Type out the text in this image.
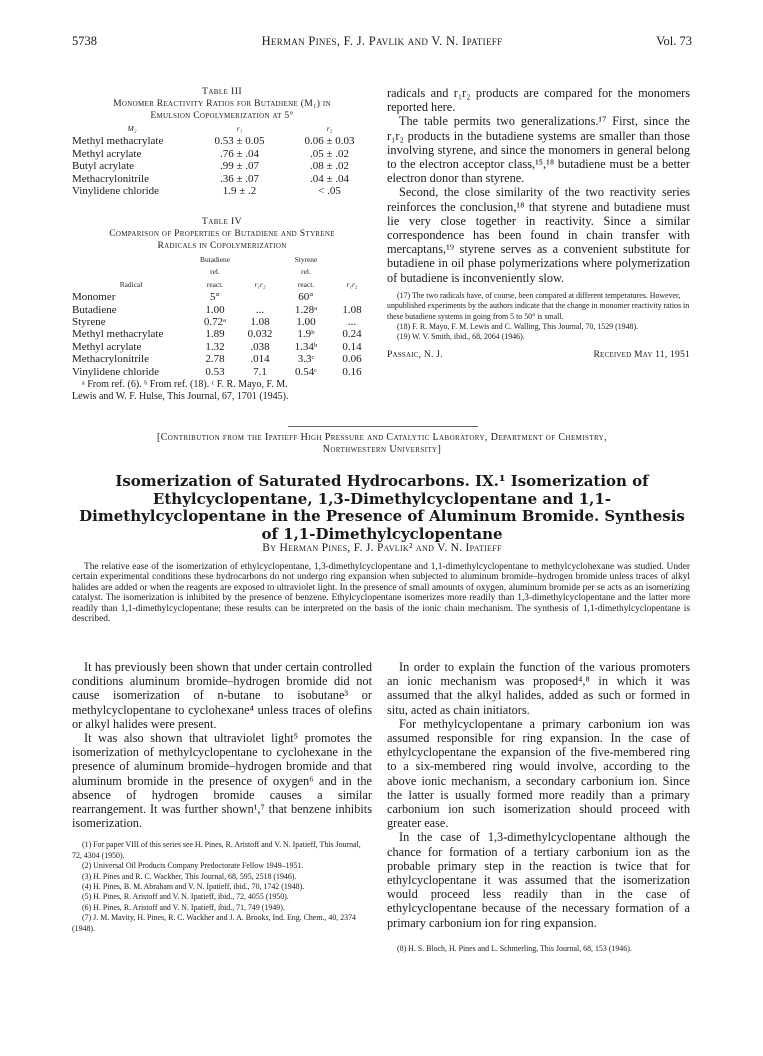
5738	Herman Pines, F. J. Pavlik and V. N. Ipatieff	Vol. 73
Table III
Monomer Reactivity Ratios for Butadiene (M₁) in
Emulsion Copolymerization at 5°
M₂	r₁	r₂
Methyl methacrylate	0.53 ± 0.05	0.06 ± 0.03
Methyl acrylate	.76 ± .04	.05 ± .02
Butyl acrylate	.99 ± .07	.08 ± .02
Methacrylonitrile	.36 ± .07	.04 ± .04
Vinylidene chloride	1.9 ± .2	< .05
Table IV
Comparison of Properties of Butadiene and Styrene
Radicals in Copolymerization
	Butadiene		Styrene	
	rel.		rel.	
Radical	react.	r₁r₂	react.	r₁r₂
Monomer	5°		60°	
Butadiene	1.00	...	1.28ᵃ	1.08
Styrene	0.72ᵃ	1.08	1.00	...
Methyl methacrylate	1.89	0.032	1.9ᵇ	0.24
Methyl acrylate	1.32	.038	1.34ᵇ	0.14
Methacrylonitrile	2.78	.014	3.3ᶜ	0.06
Vinylidene chloride	0.53	7.1	0.54ᶜ	0.16
ᵃ From ref. (6). ᵇ From ref. (18). ᶜ F. R. Mayo, F. M.
Lewis and W. F. Hulse, This Journal, 67, 1701 (1945).

radicals and r₁r₂ products are compared for the monomers reported here.

The table permits two generalizations.¹⁷ First, since the r₁r₂ products in the butadiene systems are smaller than those involving styrene, and since the monomers in general belong to the electron acceptor class,¹⁵,¹⁸ butadiene must be a better electron donor than styrene.

Second, the close similarity of the two reactivity series reinforces the conclusion,¹⁸ that styrene and butadiene must lie very close together in reactivity. Since a similar correspondence has been found in chain transfer with mercaptans,¹⁹ styrene serves as a convenient substitute for butadiene in oil phase polymerizations where polymerization of butadiene is inconveniently slow.

(17) The two radicals have, of course, been compared at different temperatures. However, unpublished experiments by the authors indicate that the change in monomer reactivity ratios in these butadiene systems in going from 5 to 50° is small.

(18) F. R. Mayo, F. M. Lewis and C. Walling, This Journal, 70, 1529 (1948).

(19) W. V. Smith, ibid., 68, 2064 (1946).

Passaic, N. J.	Received May 11, 1951
[Contribution from the Ipatieff High Pressure and Catalytic Laboratory, Department of Chemistry,
Northwestern University]
Isomerization of Saturated Hydrocarbons. IX.¹ Isomerization of Ethylcyclopentane, 1,3-Dimethylcyclopentane and 1,1-Dimethylcyclopentane in the Presence of Aluminum Bromide. Synthesis of 1,1-Dimethylcyclopentane
By Herman Pines, F. J. Pavlik² and V. N. Ipatieff
The relative ease of the isomerization of ethylcyclopentane, 1,3-dimethylcyclopentane and 1,1-dimethylcyclopentane to methylcyclohexane was studied. Under certain experimental conditions these hydrocarbons do not undergo ring expansion when subjected to aluminum bromide–hydrogen bromide unless traces of alkyl halides are added or when the reagents are exposed to ultraviolet light. In the presence of small amounts of oxygen, aluminum bromide per se acts as an isomerizing catalyst. The isomerization is inhibited by the presence of benzene. Ethylcyclopentane isomerizes more readily than 1,3-dimethylcyclopentane and the latter more readily than 1,1-dimethylcyclopentane; these results can be interpreted on the basis of the ionic chain mechanism. The synthesis of 1,1-dimethylcyclopentane is described.

It has previously been shown that under certain controlled conditions aluminum bromide–hydrogen bromide did not cause isomerization of n-butane to isobutane³ or methylcyclopentane to cyclohexane⁴ unless traces of olefins or alkyl halides were present.

It was also shown that ultraviolet light⁵ promotes the isomerization of methylcyclopentane to cyclohexane in the presence of aluminum bromide–hydrogen bromide and that aluminum bromide in the presence of oxygen⁶ and in the absence of hydrogen bromide causes a similar rearrangement. It was further shown¹,⁷ that benzene inhibits isomerization.

(1) For paper VIII of this series see H. Pines, R. Aristoff and V. N. Ipatieff, This Journal, 72, 4304 (1950).

(2) Universal Oil Products Company Predoctorate Fellow 1949–1951.

(3) H. Pines and R. C. Wackher, This Journal, 68, 595, 2518 (1946).

(4) H. Pines, B. M. Abraham and V. N. Ipatieff, ibid., 70, 1742 (1948).

(5) H. Pines, R. Aristoff and V. N. Ipatieff, ibid., 72, 4055 (1950).

(6) H. Pines, R. Aristoff and V. N. Ipatieff, ibid., 71, 749 (1949).

(7) J. M. Mavity, H. Pines, R. C. Wackher and J. A. Brooks, Ind. Eng. Chem., 40, 2374 (1948).

In order to explain the function of the various promoters an ionic mechanism was proposed⁴,⁸ in which it was assumed that the alkyl halides, added as such or formed in situ, acted as chain initiators.

For methylcyclopentane a primary carbonium ion was assumed responsible for ring expansion. In the case of ethylcyclopentane the expansion of the five-membered ring to a six-membered ring would involve, according to the above ionic mechanism, a secondary carbonium ion. Since the latter is usually formed more readily than a primary carbonium ion such isomerization should proceed with greater ease.

In the case of 1,3-dimethylcyclopentane although the chance for formation of a tertiary carbonium ion as the probable primary step in the reaction is twice that for ethylcyclopentane it was assumed that the isomerization would proceed less readily than in the case of ethylcyclopentane because of the necessary formation of a primary carbonium ion for ring expansion.

(8) H. S. Bloch, H. Pines and L. Schmerling, This Journal, 68, 153 (1946).
